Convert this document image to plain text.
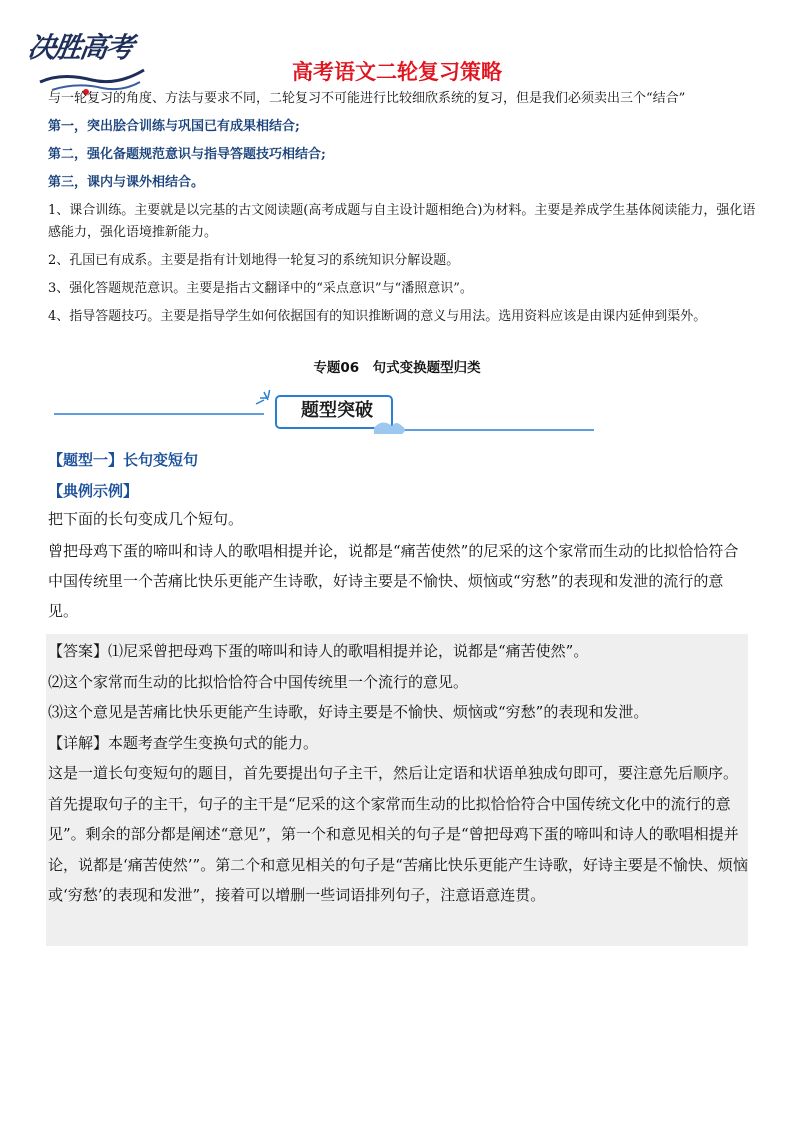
决胜高考
高考语文二轮复习策略

与一轮复习的角度、方法与要求不同，二轮复习不可能进行比较细欣系统的复习，但是我们必须卖出三个“结合”

第一，突出脍合训练与巩国已有成果相结合;

第二，强化备题规范意识与指导答题技巧相结合;

第三，课内与课外相结合。

1、课合训练。主要就是以完基的古文阅读题(高考成题与自主设计题相绝合)为材料。主要是养成学生基体阅读能力，强化语感能力，强化语境推新能力。

2、孔国已有成系。主要是指有计划地得一轮复习的系统知识分解设题。

3、强化答题规范意识。主要是指古文翻译中的“采点意识”与“潘照意识”。

4、指导答题技巧。主要是指导学生如何依据国有的知识推断调的意义与用法。选用资料应该是由课内延伸到渠外。

专题06　句式变换题型归类
题型突破

【题型一】长句变短句

【典例示例】

把下面的长句变成几个短句。

曾把母鸡下蛋的啼叫和诗人的歌唱相提并论，说都是“痛苦使然”的尼采的这个家常而生动的比拟恰恰符合中国传统里一个苦痛比快乐更能产生诗歌，好诗主要是不愉快、烦恼或“穷愁”的表现和发泄的流行的意见。

【答案】⑴尼采曾把母鸡下蛋的啼叫和诗人的歌唱相提并论，说都是“痛苦使然”。

⑵这个家常而生动的比拟恰恰符合中国传统里一个流行的意见。

⑶这个意见是苦痛比快乐更能产生诗歌，好诗主要是不愉快、烦恼或“穷愁”的表现和发泄。

【详解】本题考查学生变换句式的能力。

这是一道长句变短句的题目，首先要提出句子主干，然后让定语和状语单独成句即可，要注意先后顺序。

首先提取句子的主干，句子的主干是“尼采的这个家常而生动的比拟恰恰符合中国传统文化中的流行的意见”。剩余的部分都是阐述“意见”，第一个和意见相关的句子是“曾把母鸡下蛋的啼叫和诗人的歌唱相提并论，说都是‘痛苦使然’”。第二个和意见相关的句子是“苦痛比快乐更能产生诗歌，好诗主要是不愉快、烦恼或‘穷愁’的表现和发泄”，接着可以增删一些词语排列句子，注意语意连贯。
